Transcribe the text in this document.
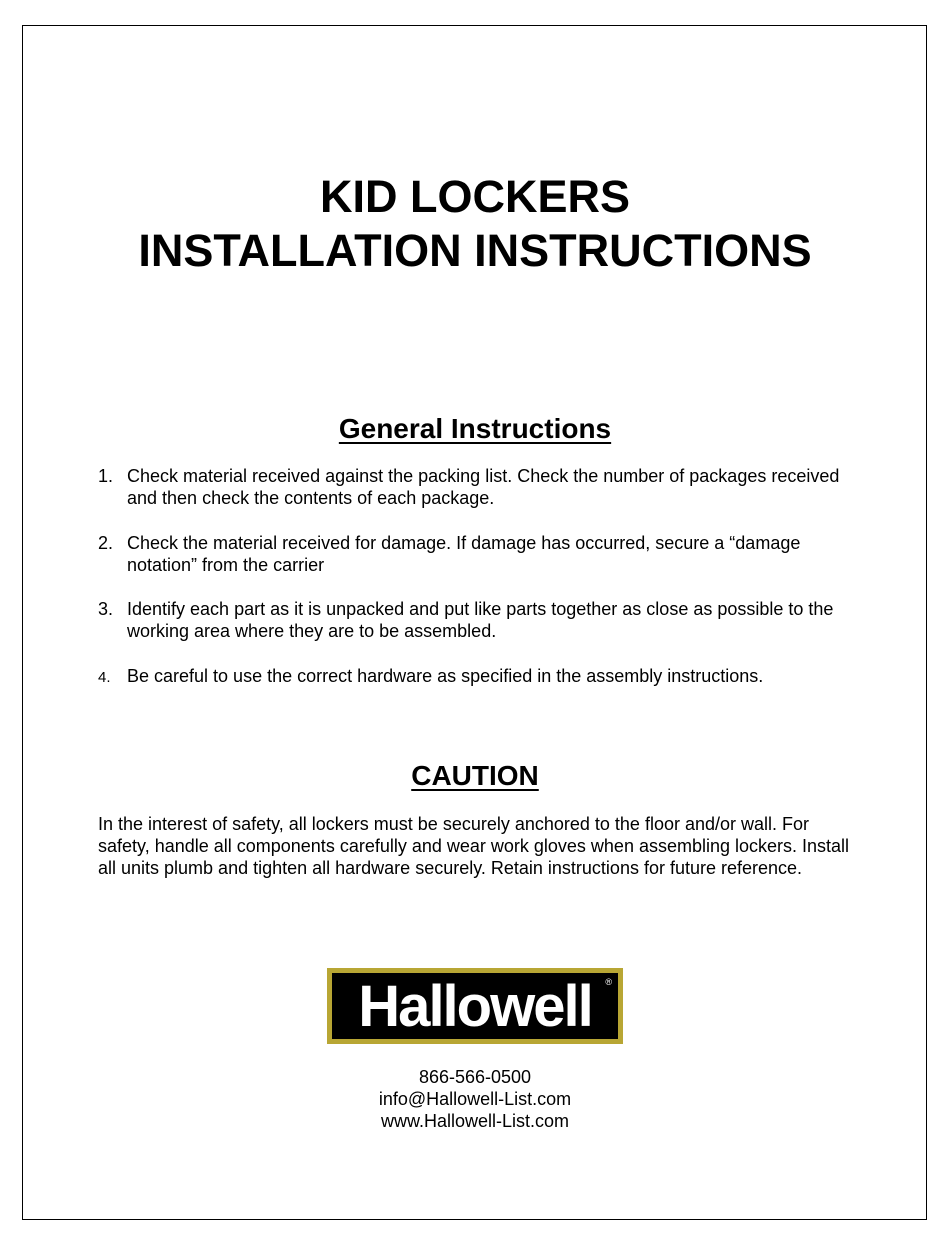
KID LOCKERS
INSTALLATION INSTRUCTIONS
General Instructions
1. Check material received against the packing list. Check the number of packages received and then check the contents of each package.
2. Check the material received for damage. If damage has occurred, secure a “damage notation” from the carrier
3. Identify each part as it is unpacked and put like parts together as close as possible to the working area where they are to be assembled.
4. Be careful to use the correct hardware as specified in the assembly instructions.
CAUTION
In the interest of safety, all lockers must be securely anchored to the floor and/or wall. For safety, handle all components carefully and wear work gloves when assembling lockers. Install all units plumb and tighten all hardware securely. Retain instructions for future reference.
Hallowell ®
866-566-0500
info@Hallowell-List.com
www.Hallowell-List.com
